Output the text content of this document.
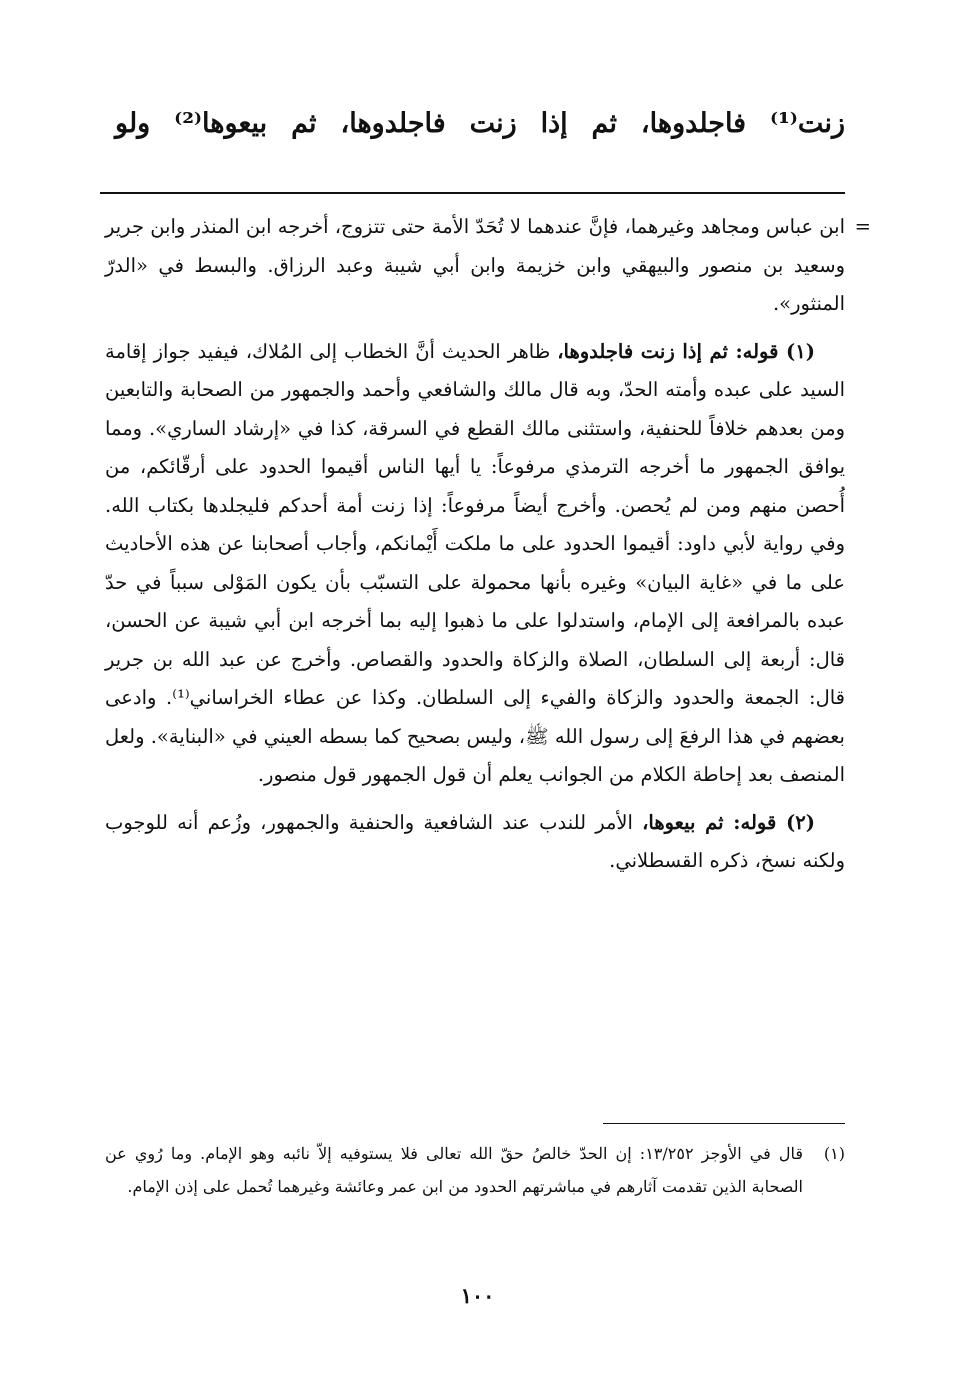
زنت⁽¹⁾ فاجلدوها، ثم إذا زنت فاجلدوها، ثم بيعوها⁽²⁾ ولو

=
ابن عباس ومجاهد وغيرهما، فإنَّ عندهما لا تُحَدّ الأمة حتى تتزوج، أخرجه ابن المنذر وابن جرير وسعيد بن منصور والبيهقي وابن خزيمة وابن أبي شيبة وعبد الرزاق. والبسط في «الدرّ المنثور».

(١) قوله: ثم إذا زنت فاجلدوها، ظاهر الحديث أنَّ الخطاب إلى المُلاك، فيفيد جواز إقامة السيد على عبده وأمته الحدّ، وبه قال مالك والشافعي وأحمد والجمهور من الصحابة والتابعين ومن بعدهم خلافاً للحنفية، واستثنى مالك القطع في السرقة، كذا في «إرشاد الساري». ومما يوافق الجمهور ما أخرجه الترمذي مرفوعاً: يا أيها الناس أقيموا الحدود على أرقّائكم، من أُحصن منهم ومن لم يُحصن. وأخرج أيضاً مرفوعاً: إذا زنت أمة أحدكم فليجلدها بكتاب الله. وفي رواية لأبي داود: أقيموا الحدود على ما ملكت أَيْمانكم، وأجاب أصحابنا عن هذه الأحاديث على ما في «غاية البيان» وغيره بأنها محمولة على التسبّب بأن يكون المَوْلى سبباً في حدّ عبده بالمرافعة إلى الإمام، واستدلوا على ما ذهبوا إليه بما أخرجه ابن أبي شيبة عن الحسن، قال: أربعة إلى السلطان، الصلاة والزكاة والحدود والقصاص. وأخرج عن عبد الله بن جرير قال: الجمعة والحدود والزكاة والفيء إلى السلطان. وكذا عن عطاء الخراساني⁽¹⁾. وادعى بعضهم في هذا الرفعَ إلى رسول الله ﷺ، وليس بصحيح كما بسطه العيني في «البناية». ولعل المنصف بعد إحاطة الكلام من الجوانب يعلم أن قول الجمهور قول منصور.

(٢) قوله: ثم بيعوها، الأمر للندب عند الشافعية والحنفية والجمهور، وزُعم أنه للوجوب ولكنه نسخ، ذكره القسطلاني.

(١)
قال في الأوجز ١٣/٢٥٢: إن الحدّ خالصُ حقّ الله تعالى فلا يستوفيه إلاّ نائبه وهو الإمام. وما رُوي عن الصحابة الذين تقدمت آثارهم في مباشرتهم الحدود من ابن عمر وعائشة وغيرهما تُحمل على إذن الإمام.
١٠٠
